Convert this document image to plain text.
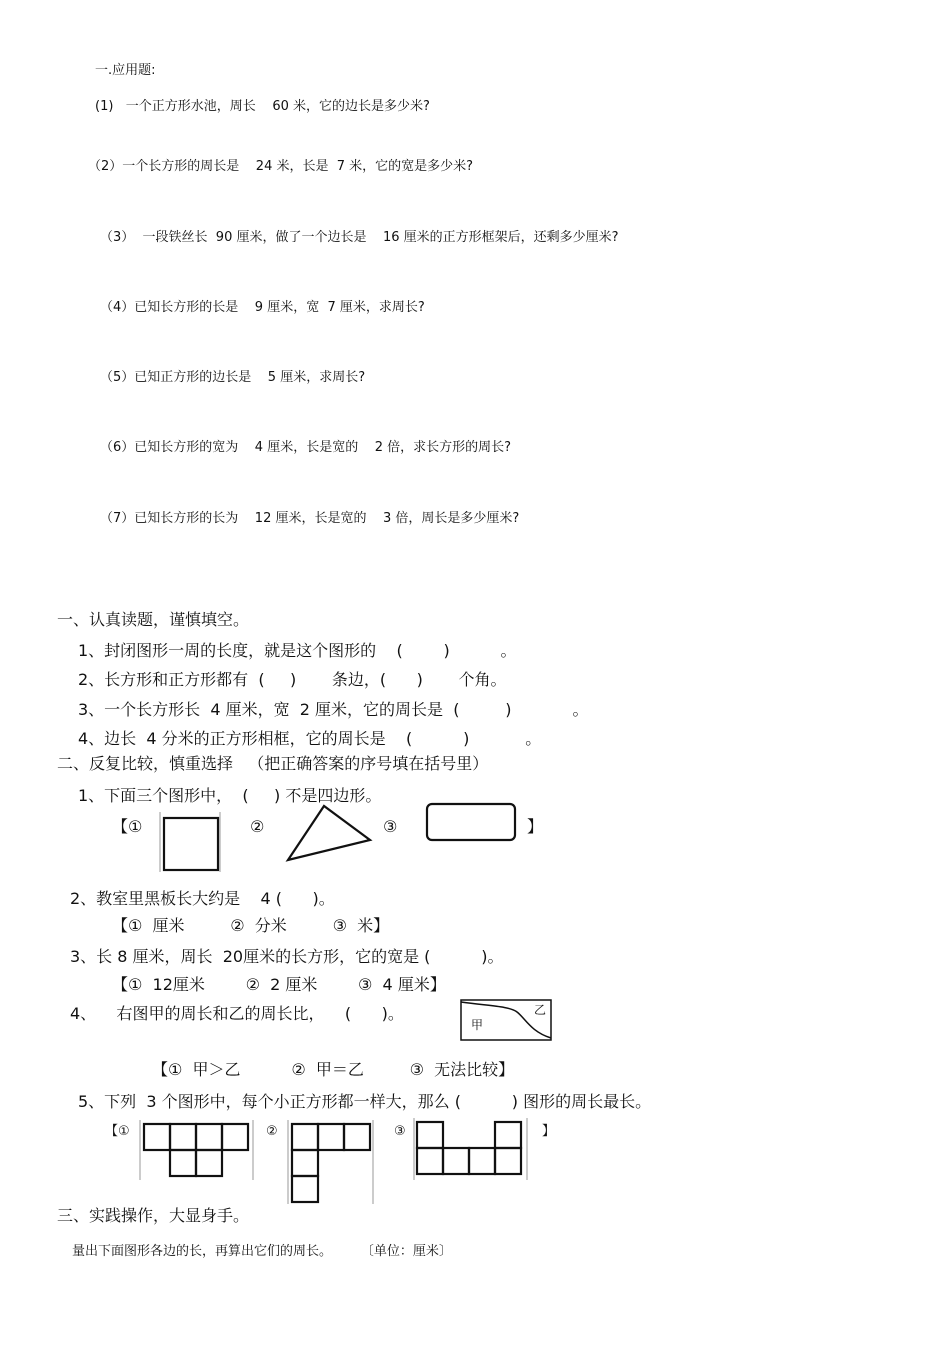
一.应用题:
(1)   一个正方形水池，周长    60 米，它的边长是多少米?
（2）一个长方形的周长是    24 米，长是  7 米，它的宽是多少米?
（3）  一段铁丝长  90 厘米，做了一个边长是    16 厘米的正方形框架后，还剩多少厘米?
（4）已知长方形的长是    9 厘米，宽  7 厘米，求周长?
（5）已知正方形的边长是    5 厘米，求周长?
（6）已知长方形的宽为    4 厘米，长是宽的    2 倍，求长方形的周长?
（7）已知长方形的长为    12 厘米，长是宽的    3 倍，周长是多少厘米?
一、认真读题，谨慎填空。
1、封闭图形一周的长度，就是这个图形的    (        )          。
2、长方形和正方形都有  (     )       条边，(      )       个角。
3、一个长方形长  4 厘米，宽  2 厘米，它的周长是  (         )            。
4、边长  4 分米的正方形相框，它的周长是    (          )           。
二、反复比较，慎重选择   （把正确答案的序号填在括号里）
1、下面三个图形中，  (     ) 不是四边形。
【①	②	③	】
2、教室里黑板长大约是    4 (      )。
【①  厘米         ②  分米         ③  米】
3、长 8 厘米，周长  20厘米的长方形，它的宽是 (          )。
【①  12厘米        ②  2 厘米        ③  4 厘米】
4、    右图甲的周长和乙的周长比，    (      )。
甲
乙
【①  甲＞乙          ②  甲＝乙         ③  无法比较】
5、下列  3 个图形中，每个小正方形都一样大，那么 (          ) 图形的周长最长。
【①	②	③	】
三、实践操作，大显身手。
量出下面图形各边的长，再算出它们的周长。       〔单位：厘米〕
